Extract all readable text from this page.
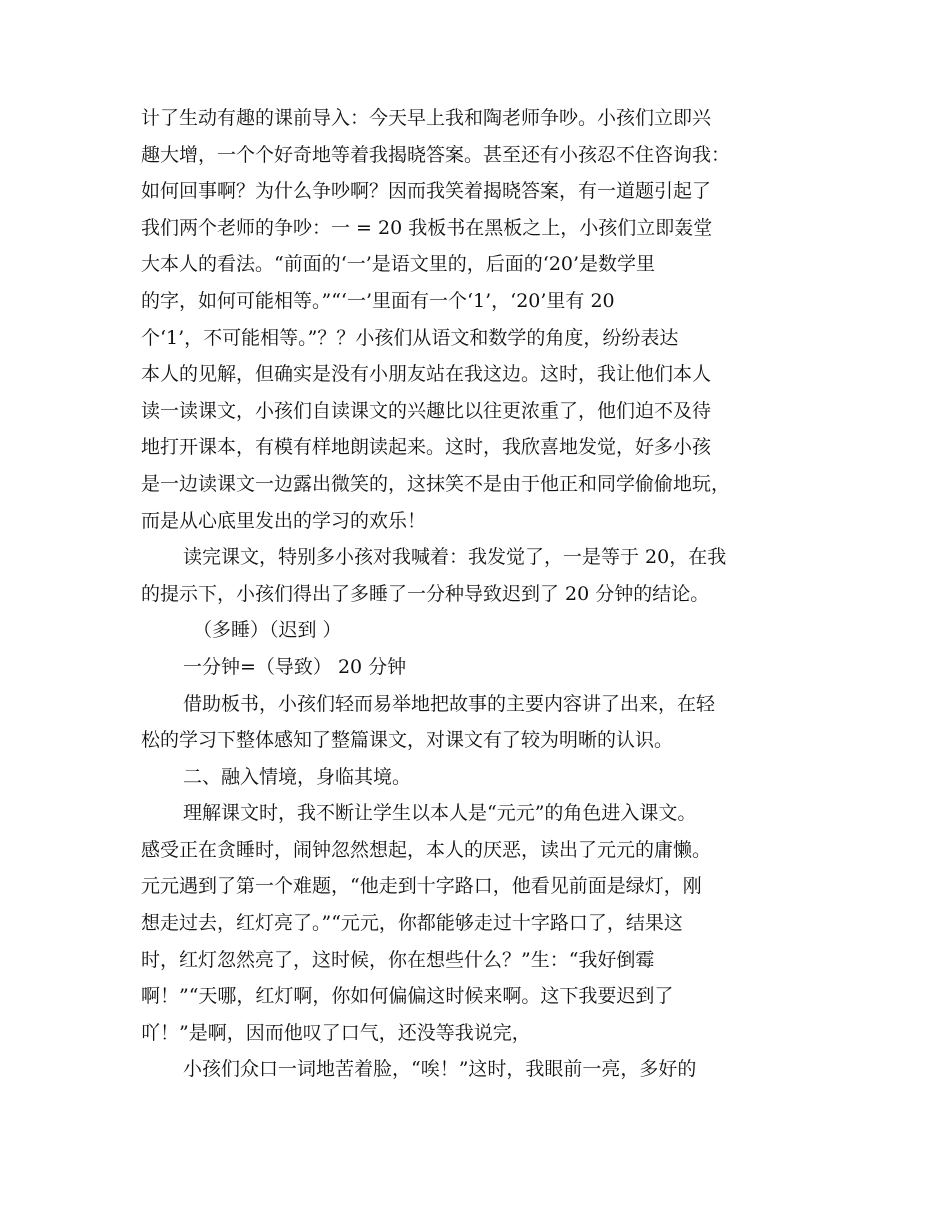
计了生动有趣的课前导入：今天早上我和陶老师争吵。小孩们立即兴
趣大增，一个个好奇地等着我揭晓答案。甚至还有小孩忍不住咨询我：
如何回事啊？为什么争吵啊？因而我笑着揭晓答案，有一道题引起了
我们两个老师的争吵：一 = 20 我板书在黑板之上，小孩们立即轰堂
大本人的看法。“前面的‘一’是语文里的，后面的‘20’是数学里
的字，如何可能相等。”“‘一’里面有一个‘1’，‘20’里有 20
个‘1’，不可能相等。”？？小孩们从语文和数学的角度，纷纷表达
本人的见解，但确实是没有小朋友站在我这边。这时，我让他们本人
读一读课文，小孩们自读课文的兴趣比以往更浓重了，他们迫不及待
地打开课本，有模有样地朗读起来。这时，我欣喜地发觉，好多小孩
是一边读课文一边露出微笑的，这抹笑不是由于他正和同学偷偷地玩，
而是从心底里发出的学习的欢乐！
读完课文，特别多小孩对我喊着：我发觉了，一是等于 20，在我
的提示下，小孩们得出了多睡了一分种导致迟到了 20 分钟的结论。
（多睡）（迟到 ）
一分钟=（导致） 20 分钟
借助板书，小孩们轻而易举地把故事的主要内容讲了出来，在轻
松的学习下整体感知了整篇课文，对课文有了较为明晰的认识。
二、融入情境，身临其境。
理解课文时，我不断让学生以本人是“元元”的角色进入课文。
感受正在贪睡时，闹钟忽然想起，本人的厌恶，读出了元元的庸懒。
元元遇到了第一个难题，“他走到十字路口，他看见前面是绿灯，刚
想走过去，红灯亮了。”“元元，你都能够走过十字路口了，结果这
时，红灯忽然亮了，这时候，你在想些什么？”生：“我好倒霉
啊！”“天哪，红灯啊，你如何偏偏这时候来啊。这下我要迟到了
吖！”是啊，因而他叹了口气，还没等我说完，
小孩们众口一词地苦着脸，“唉！”这时，我眼前一亮，多好的
